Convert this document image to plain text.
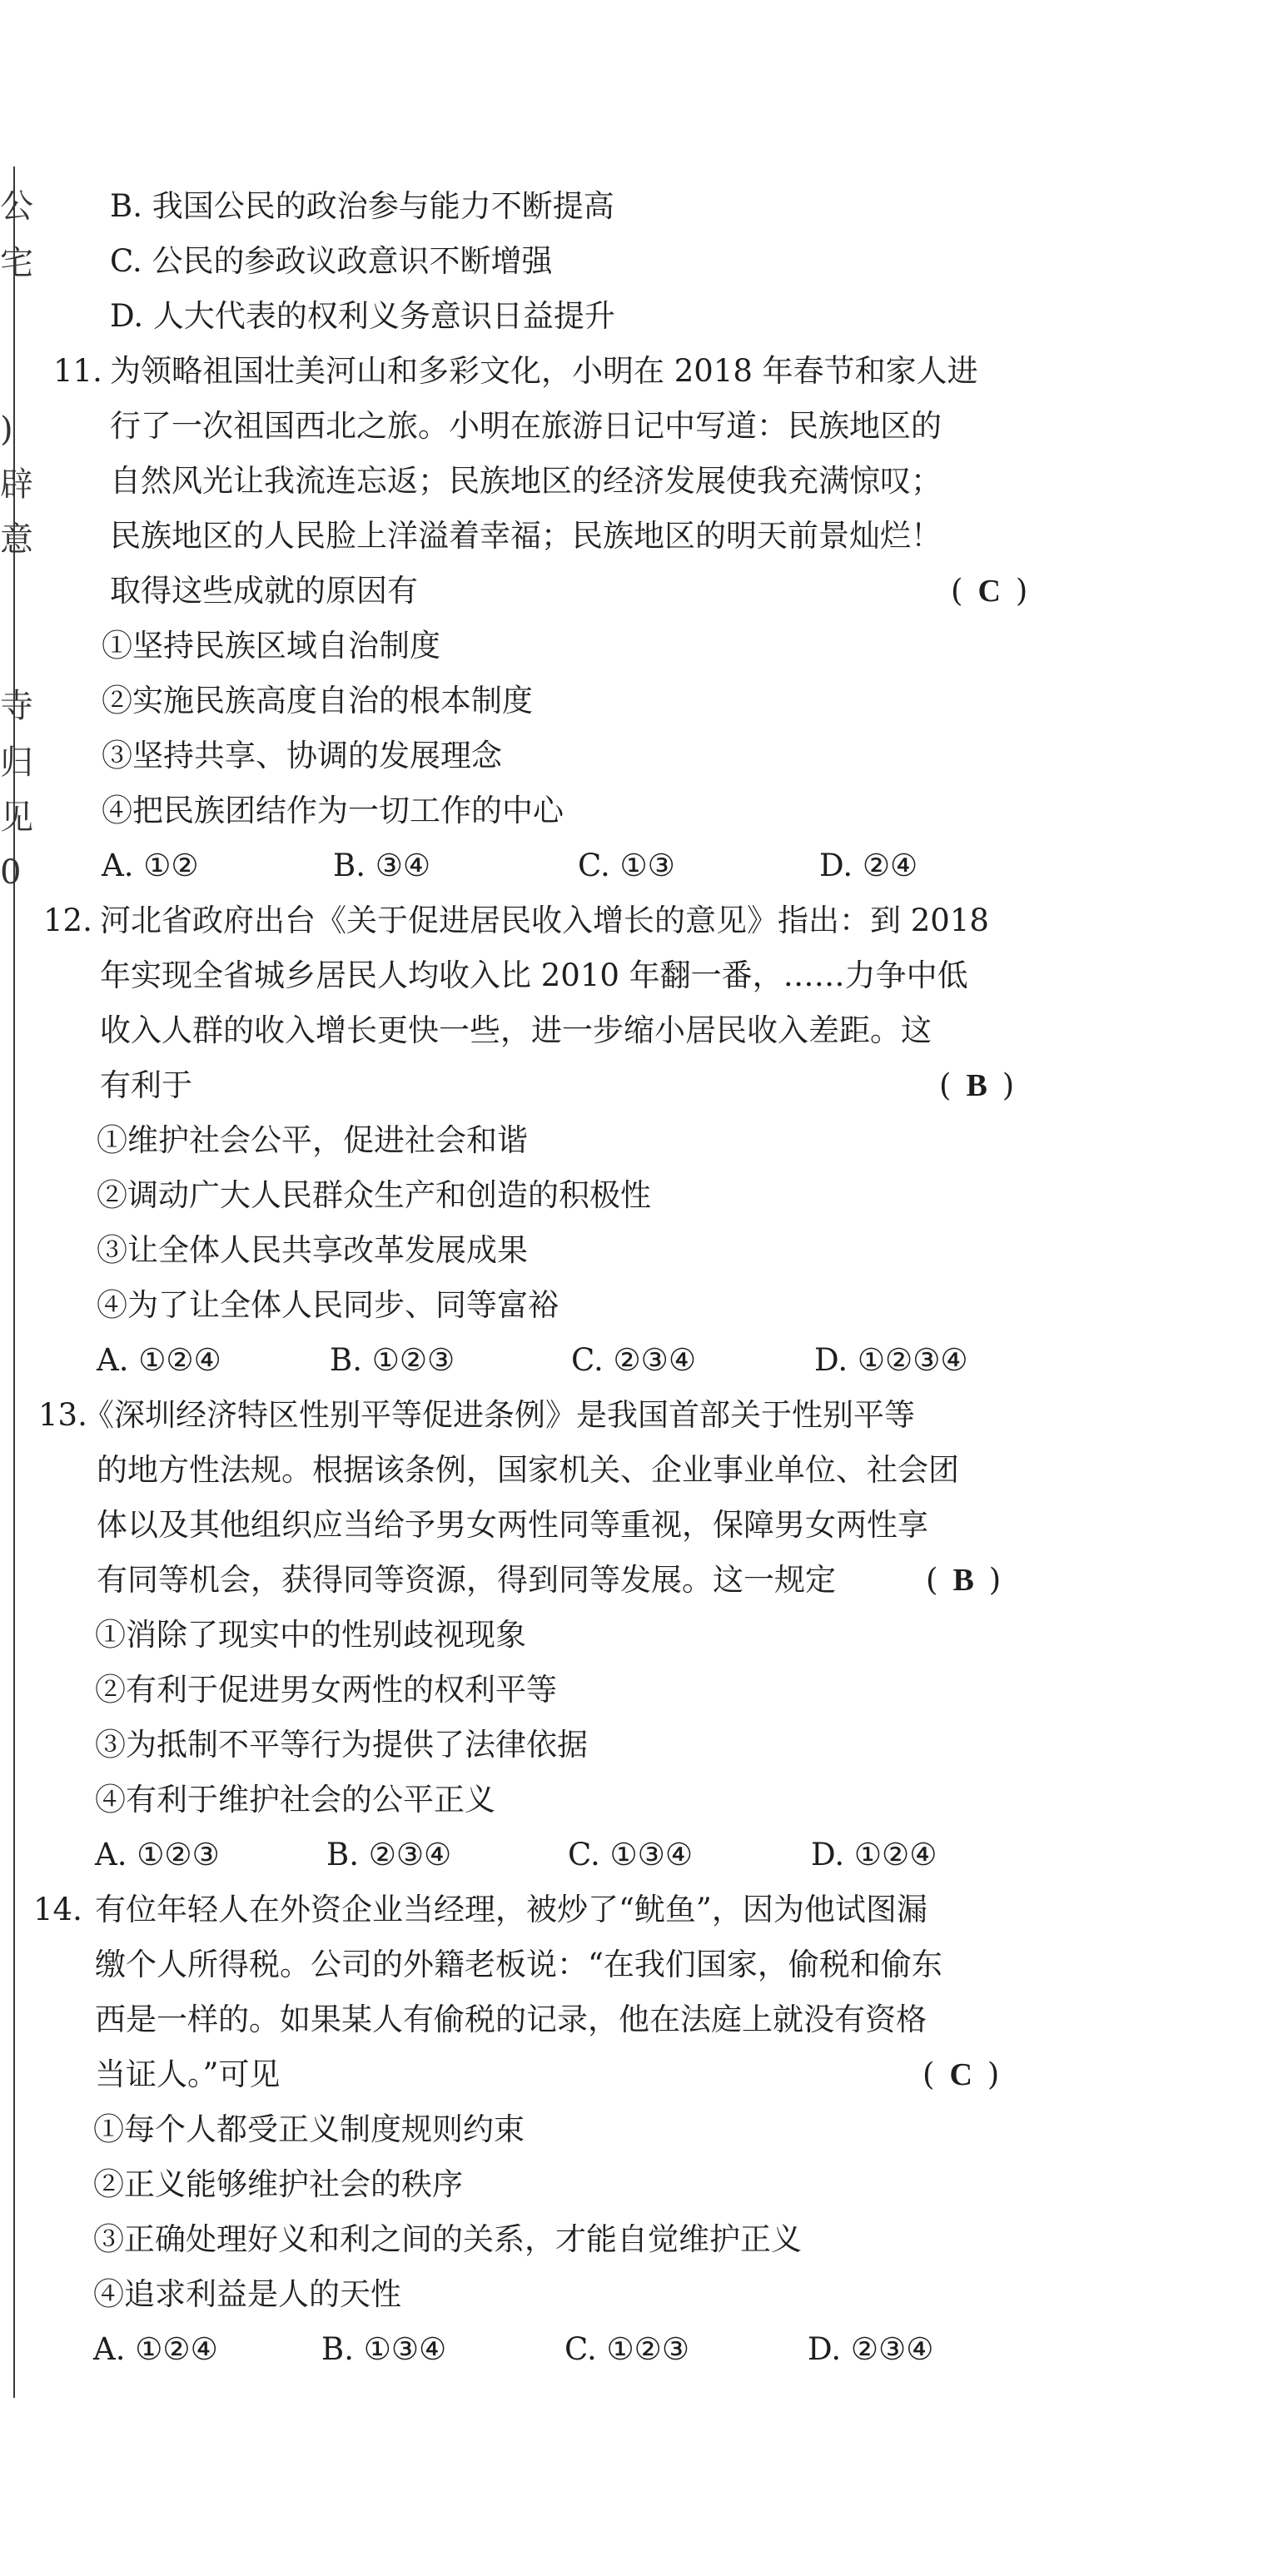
公
宅
)
辟
意
寺
归
见
0
B. 我国公民的政治参与能力不断提高
C. 公民的参政议政意识不断增强
D. 人大代表的权利义务意识日益提升
11. 为领略祖国壮美河山和多彩文化，小明在 2018 年春节和家人进
行了一次祖国西北之旅。小明在旅游日记中写道：民族地区的
自然风光让我流连忘返；民族地区的经济发展使我充满惊叹；
民族地区的人民脸上洋溢着幸福；民族地区的明天前景灿烂！
取得这些成就的原因有	( C )
①坚持民族区域自治制度
②实施民族高度自治的根本制度
③坚持共享、协调的发展理念
④把民族团结作为一切工作的中心
A. ①②	B. ③④	C. ①③	D. ②④
12. 河北省政府出台《关于促进居民收入增长的意见》指出：到 2018
年实现全省城乡居民人均收入比 2010 年翻一番，……力争中低
收入人群的收入增长更快一些，进一步缩小居民收入差距。这
有利于	( B )
①维护社会公平，促进社会和谐
②调动广大人民群众生产和创造的积极性
③让全体人民共享改革发展成果
④为了让全体人民同步、同等富裕
A. ①②④	B. ①②③	C. ②③④	D. ①②③④
13.
《深圳经济特区性别平等促进条例》是我国首部关于性别平等
的地方性法规。根据该条例，国家机关、企业事业单位、社会团
体以及其他组织应当给予男女两性同等重视，保障男女两性享
有同等机会，获得同等资源，得到同等发展。这一规定	( B )
①消除了现实中的性别歧视现象
②有利于促进男女两性的权利平等
③为抵制不平等行为提供了法律依据
④有利于维护社会的公平正义
A. ①②③	B. ②③④	C. ①③④	D. ①②④
14. 有位年轻人在外资企业当经理，被炒了“鱿鱼”，因为他试图漏
缴个人所得税。公司的外籍老板说：“在我们国家，偷税和偷东
西是一样的。如果某人有偷税的记录，他在法庭上就没有资格
当证人。”可见	( C )
①每个人都受正义制度规则约束
②正义能够维护社会的秩序
③正确处理好义和利之间的关系，才能自觉维护正义
④追求利益是人的天性
A. ①②④	B. ①③④	C. ①②③	D. ②③④
